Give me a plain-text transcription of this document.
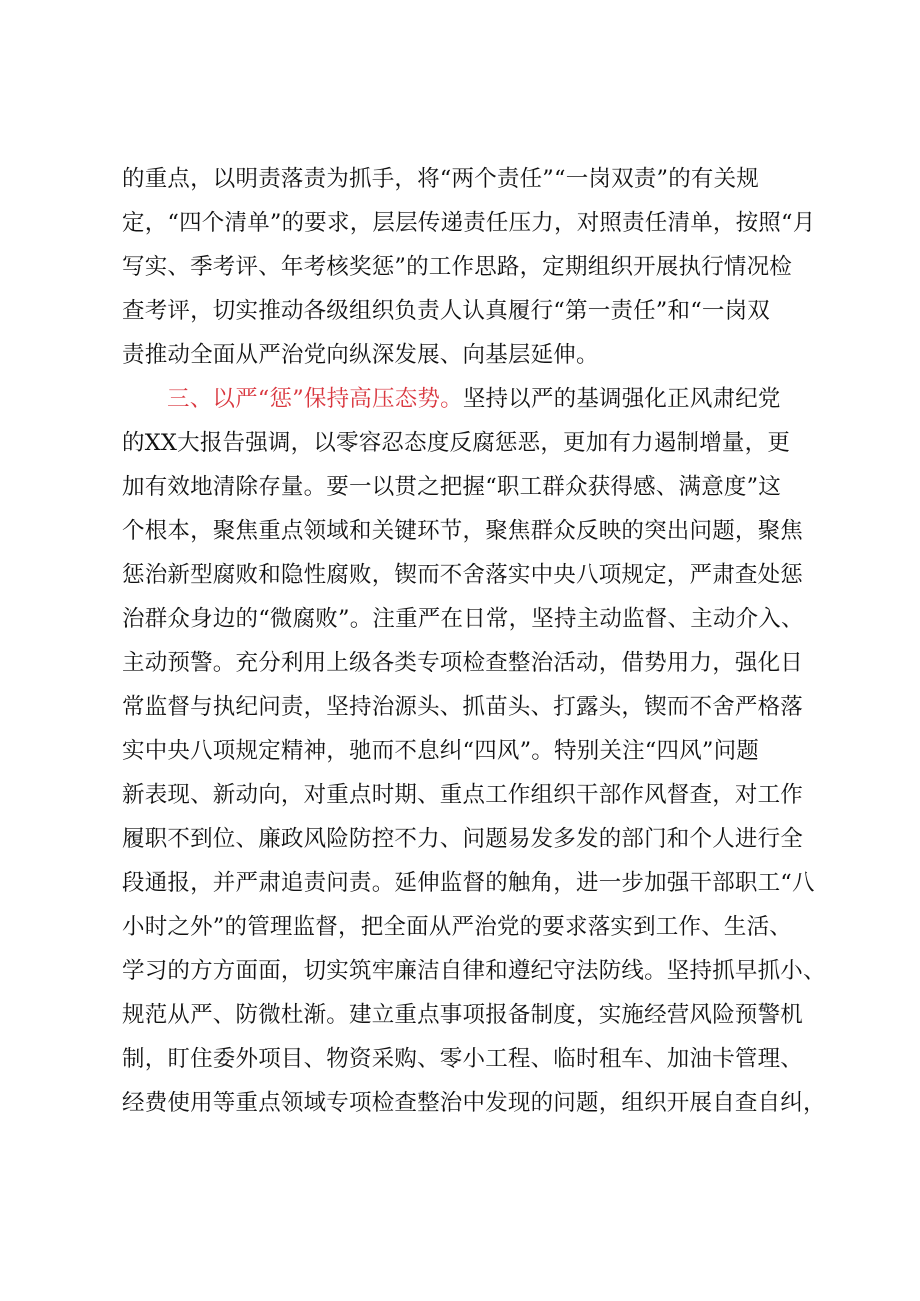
的重点，以明责落责为抓手，将“两个责任”“一岗双责”的有关规
定，“四个清单”的要求，层层传递责任压力，对照责任清单，按照“月
写实、季考评、年考核奖惩”的工作思路，定期组织开展执行情况检
查考评，切实推动各级组织负责人认真履行“第一责任”和“一岗双
责推动全面从严治党向纵深发展、向基层延伸。
三、以严“惩”保持高压态势。坚持以严的基调强化正风肃纪党
的XX大报告强调，以零容忍态度反腐惩恶，更加有力遏制增量，更
加有效地清除存量。要一以贯之把握“职工群众获得感、满意度”这
个根本，聚焦重点领域和关键环节，聚焦群众反映的突出问题，聚焦
惩治新型腐败和隐性腐败，锲而不舍落实中央八项规定，严肃查处惩
治群众身边的“微腐败”。注重严在日常，坚持主动监督、主动介入、
主动预警。充分利用上级各类专项检查整治活动，借势用力，强化日
常监督与执纪问责，坚持治源头、抓苗头、打露头，锲而不舍严格落
实中央八项规定精神，驰而不息纠“四风”。特别关注“四风”问题
新表现、新动向，对重点时期、重点工作组织干部作风督查，对工作
履职不到位、廉政风险防控不力、问题易发多发的部门和个人进行全
段通报，并严肃追责问责。延伸监督的触角，进一步加强干部职工“八
小时之外”的管理监督，把全面从严治党的要求落实到工作、生活、
学习的方方面面，切实筑牢廉洁自律和遵纪守法防线。坚持抓早抓小、
规范从严、防微杜渐。建立重点事项报备制度，实施经营风险预警机
制，盯住委外项目、物资采购、零小工程、临时租车、加油卡管理、
经费使用等重点领域专项检查整治中发现的问题，组织开展自查自纠，
